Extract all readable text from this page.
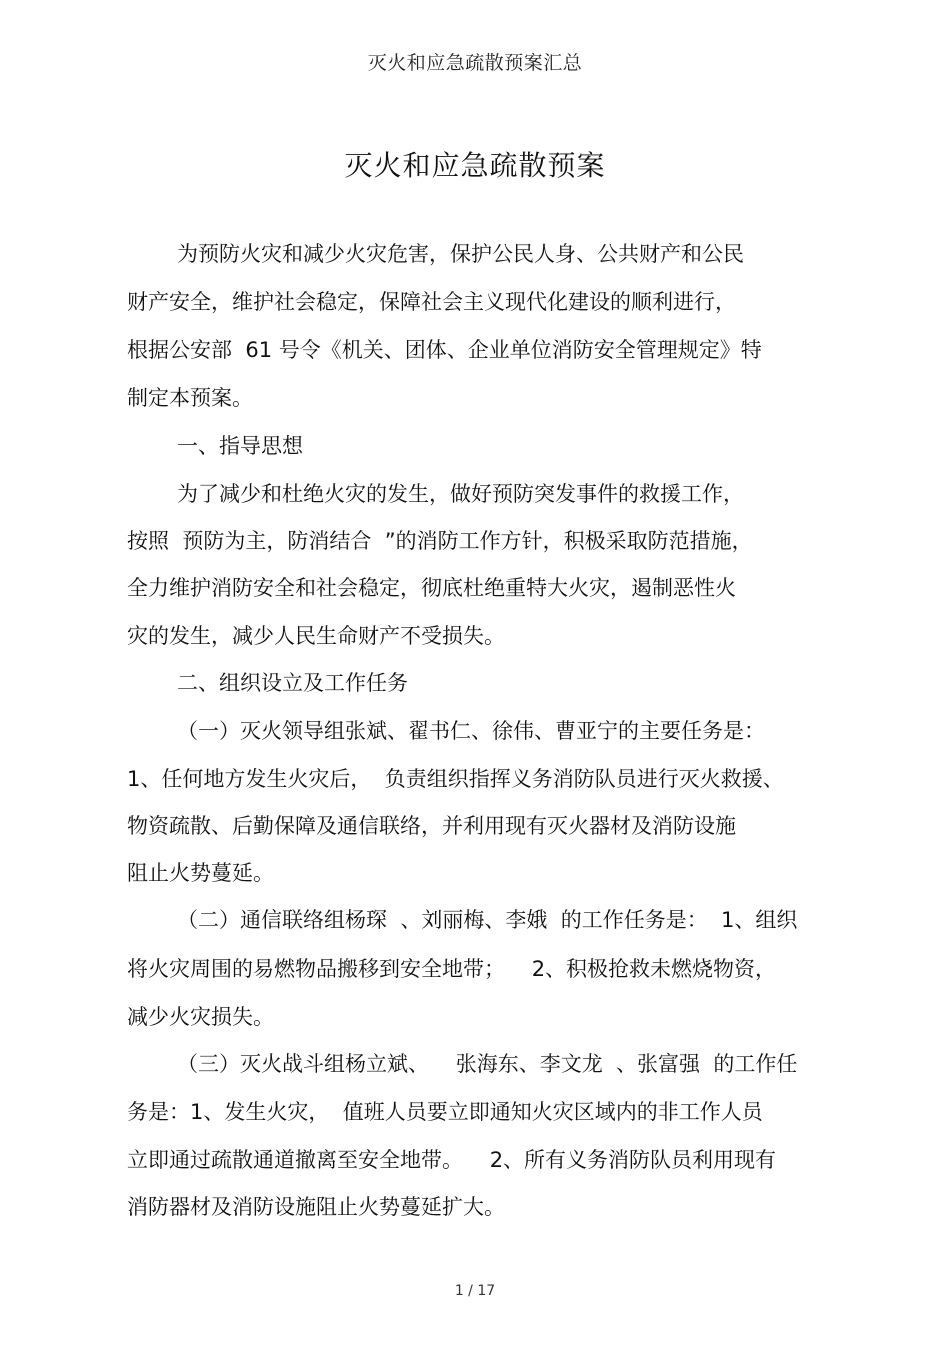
灭火和应急疏散预案汇总
灭火和应急疏散预案
为预防火灾和减少火灾危害，保护公民人身、公共财产和公民
财产安全，维护社会稳定，保障社会主义现代化建设的顺利进行，
根据公安部  61 号令《机关、团体、企业单位消防安全管理规定》特
制定本预案。
一、指导思想
为了减少和杜绝火灾的发生，做好预防突发事件的救援工作，
按照  预防为主，防消结合  ”的消防工作方针，积极采取防范措施，
全力维护消防安全和社会稳定，彻底杜绝重特大火灾，遏制恶性火
灾的发生，减少人民生命财产不受损失。
二、组织设立及工作任务
（一）灭火领导组张斌、翟书仁、徐伟、曹亚宁的主要任务是：
1、任何地方发生火灾后，  负责组织指挥义务消防队员进行灭火救援、
物资疏散、后勤保障及通信联络，并利用现有灭火器材及消防设施
阻止火势蔓延。
（二）通信联络组杨琛  、刘丽梅、李娥  的工作任务是：  1、组织
将火灾周围的易燃物品搬移到安全地带；    2、积极抢救未燃烧物资，
减少火灾损失。
（三）灭火战斗组杨立斌、    张海东、李文龙  、张富强  的工作任
务是：1、发生火灾，  值班人员要立即通知火灾区域内的非工作人员
立即通过疏散通道撤离至安全地带。    2、所有义务消防队员利用现有
消防器材及消防设施阻止火势蔓延扩大。
1 / 17
